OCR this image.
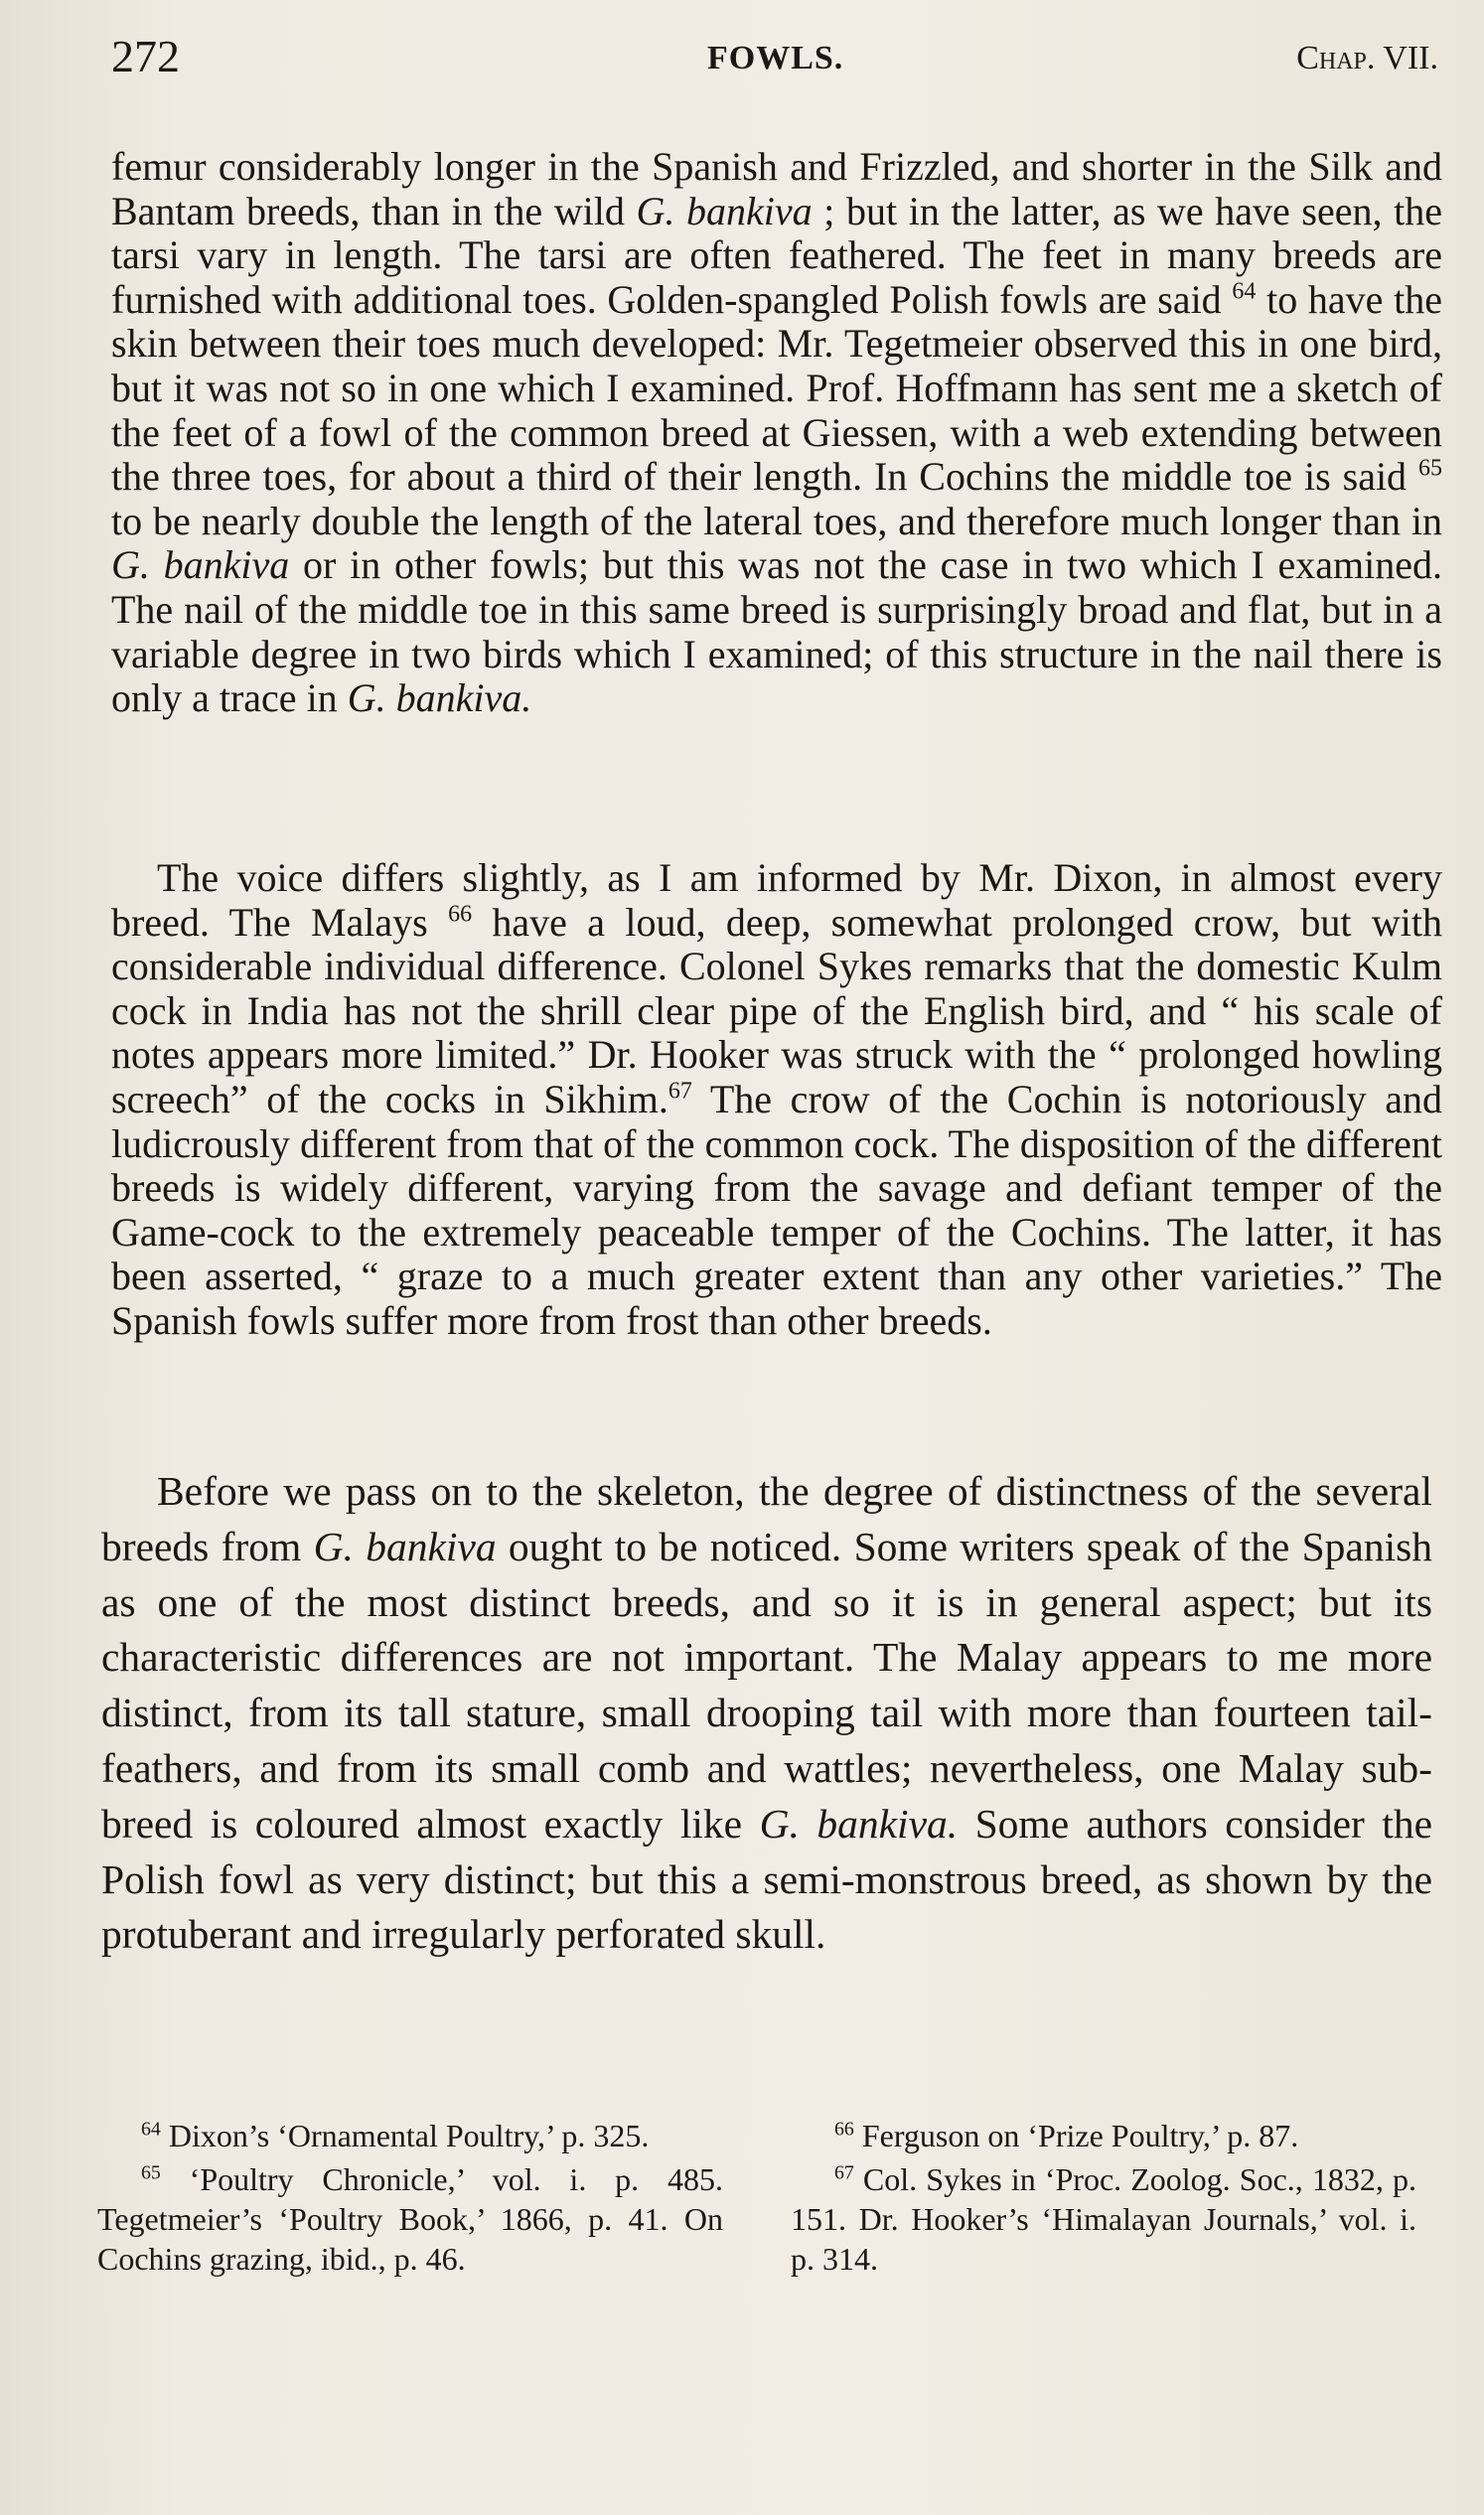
272	FOWLS.	Chap. VII.
femur considerably longer in the Spanish and Frizzled, and shorter in the Silk and Bantam breeds, than in the wild G. bankiva ; but in the latter, as we have seen, the tarsi vary in length. The tarsi are often feathered. The feet in many breeds are furnished with additional toes. Golden-spangled Polish fowls are said $^{64}$ to have the skin between their toes much developed: Mr. Tegetmeier observed this in one bird, but it was not so in one which I examined. Prof. Hoffmann has sent me a sketch of the feet of a fowl of the common breed at Giessen, with a web extending between the three toes, for about a third of their length. In Cochins the middle toe is said $^{65}$ to be nearly double the length of the lateral toes, and therefore much longer than in G. bankiva or in other fowls; but this was not the case in two which I examined. The nail of the middle toe in this same breed is surprisingly broad and flat, but in a variable degree in two birds which I examined; of this structure in the nail there is only a trace in G. bankiva.
The voice differs slightly, as I am informed by Mr. Dixon, in almost every breed. The Malays $^{66}$ have a loud, deep, somewhat prolonged crow, but with considerable individual difference. Colonel Sykes remarks that the domestic Kulm cock in India has not the shrill clear pipe of the English bird, and “ his scale of notes appears more limited.” Dr. Hooker was struck with the “ prolonged howling screech” of the cocks in Sikhim.$^{67}$ The crow of the Cochin is notoriously and ludicrously different from that of the common cock. The disposition of the different breeds is widely different, varying from the savage and defiant temper of the Game-cock to the extremely peaceable temper of the Cochins. The latter, it has been asserted, “ graze to a much greater extent than any other varieties.” The Spanish fowls suffer more from frost than other breeds.
Before we pass on to the skeleton, the degree of distinctness of the several breeds from G. bankiva ought to be noticed. Some writers speak of the Spanish as one of the most distinct breeds, and so it is in general aspect; but its characteristic differences are not important. The Malay appears to me more distinct, from its tall stature, small drooping tail with more than fourteen tail-feathers, and from its small comb and wattles; nevertheless, one Malay sub-breed is coloured almost exactly like G. bankiva. Some authors consider the Polish fowl as very distinct; but this a semi-monstrous breed, as shown by the protuberant and irregularly perforated skull.

$^{64}$ Dixon’s ‘Ornamental Poultry,’ p. 325.

$^{65}$ ‘Poultry Chronicle,’ vol. i. p. 485. Tegetmeier’s ‘Poultry Book,’ 1866, p. 41. On Cochins grazing, ibid., p. 46.

$^{66}$ Ferguson on ‘Prize Poultry,’ p. 87.

$^{67}$ Col. Sykes in ‘Proc. Zoolog. Soc., 1832, p. 151. Dr. Hooker’s ‘Himalayan Journals,’ vol. i. p. 314.
